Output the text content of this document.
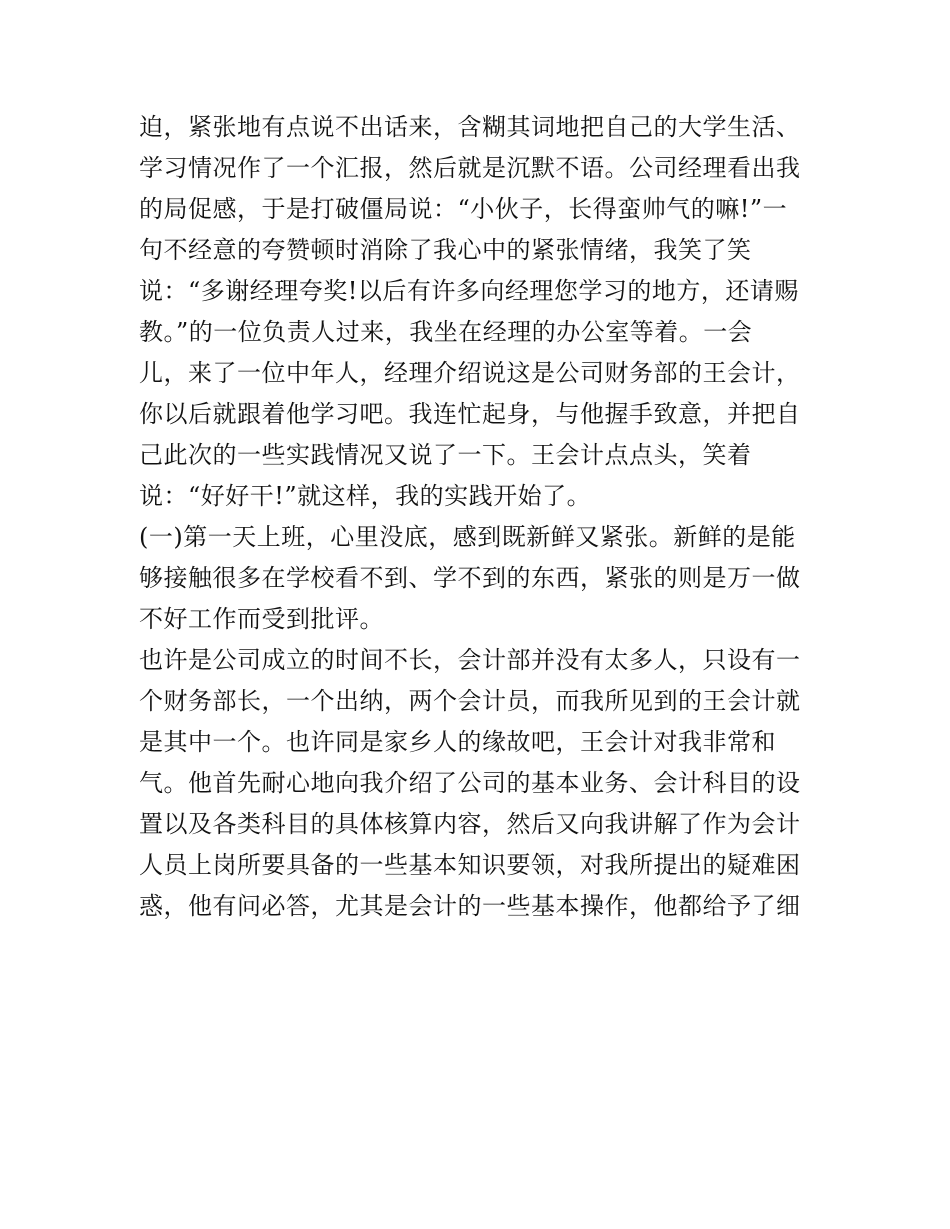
迫，紧张地有点说不出话来，含糊其词地把自己的大学生活、
学习情况作了一个汇报，然后就是沉默不语。公司经理看出我
的局促感，于是打破僵局说：“小伙子，长得蛮帅气的嘛!”一
句不经意的夸赞顿时消除了我心中的紧张情绪，我笑了笑
说：“多谢经理夸奖!以后有许多向经理您学习的地方，还请赐
教。”的一位负责人过来，我坐在经理的办公室等着。一会
儿，来了一位中年人，经理介绍说这是公司财务部的王会计，
你以后就跟着他学习吧。我连忙起身，与他握手致意，并把自
己此次的一些实践情况又说了一下。王会计点点头，笑着
说：“好好干!”就这样，我的实践开始了。
(一)第一天上班，心里没底，感到既新鲜又紧张。新鲜的是能
够接触很多在学校看不到、学不到的东西，紧张的则是万一做
不好工作而受到批评。
也许是公司成立的时间不长，会计部并没有太多人，只设有一
个财务部长，一个出纳，两个会计员，而我所见到的王会计就
是其中一个。也许同是家乡人的缘故吧，王会计对我非常和
气。他首先耐心地向我介绍了公司的基本业务、会计科目的设
置以及各类科目的具体核算内容，然后又向我讲解了作为会计
人员上岗所要具备的一些基本知识要领，对我所提出的疑难困
惑，他有问必答，尤其是会计的一些基本操作，他都给予了细
